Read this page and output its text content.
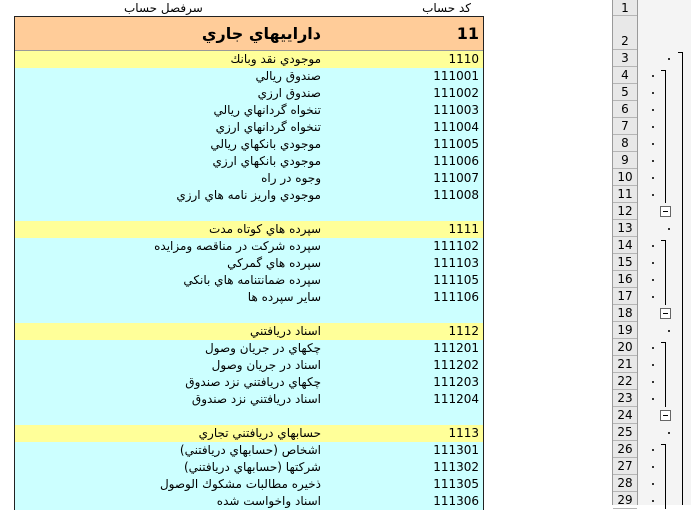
كد حساب
سرفصل حساب
11
داراييهاي جاري
1110
موجودي نقد وبانك
111001
صندوق ريالي
111002
صندوق ارزي
111003
تنخواه گردانهاي ريالي
111004
تنخواه گردانهاي ارزي
111005
موجودي بانكهاي ريالي
111006
موجودي بانكهاي ارزي
111007
وجوه در راه
111008
موجودي واريز نامه هاي ارزي
1111
سپرده هاي كوتاه مدت
111102
سپرده شركت در مناقصه ومزايده
111103
سپرده هاي گمركي
111105
سپرده ضمانتنامه هاي بانكي
111106
ساير سپرده ها
1112
اسناد دريافتني
111201
چكهاي در جريان وصول
111202
اسناد در جريان وصول
111203
چكهاي دريافتني نزد صندوق
111204
اسناد دريافتني نزد صندوق
1113
حسابهاي دريافتني تجاري
111301
اشخاص (حسابهاي دريافتني)
111302
شركتها (حسابهاي دريافتني)
111305
ذخيره مطالبات مشكوك الوصول
111306
اسناد واخواست شده
1
2
3
4
5
6
7
8
9
10
11
12
13
14
15
16
17
18
19
20
21
22
23
24
25
26
27
28
29
